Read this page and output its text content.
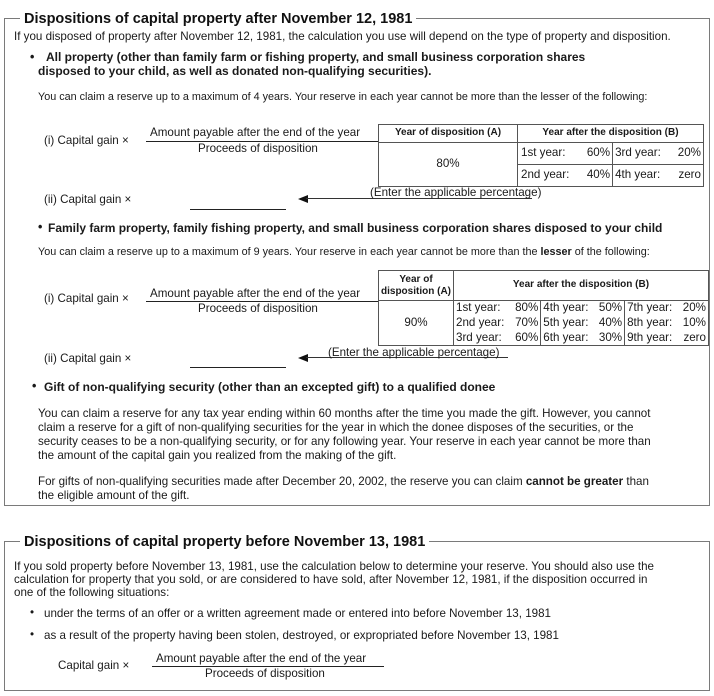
Dispositions of capital property after November 12, 1981
If you disposed of property after November 12, 1981, the calculation you use will depend on the type of property and disposition.
• All property (other than family farm or fishing property, and small business corporation shares
disposed to your child, as well as donated non-qualifying securities).
You can claim a reserve up to a maximum of 4 years. Your reserve in each year cannot be more than the lesser of the following:
(i) Capital gain ×
Amount payable after the end of the year
Proceeds of disposition
Year of disposition (A)	Year after the disposition (B)			
80%	1st year:	60%	3rd year:	20%
	2nd year:	40%	4th year:	zero
(ii) Capital gain ×
(Enter the applicable percentage)
• Family farm property, family fishing property, and small business corporation shares disposed to your child
You can claim a reserve up to a maximum of 9 years. Your reserve in each year cannot be more than the lesser of the following:
(i) Capital gain × Amount payable after the end of the year
Proceeds of disposition
Year of
disposition (A)	Year after the disposition (B)					
90%	1st year:	80%	4th year:	50%	7th year:	20%
	2nd year:	70%	5th year:	40%	8th year:	10%
	3rd year:	60%	6th year:	30%	9th year:	zero
(ii) Capital gain ×	(Enter the applicable percentage)
• Gift of non-qualifying security (other than an excepted gift) to a qualified donee
You can claim a reserve for any tax year ending within 60 months after the time you made the gift. However, you cannot
claim a reserve for a gift of non-qualifying securities for the year in which the donee disposes of the securities, or the
security ceases to be a non-qualifying security, or for any following year. Your reserve in each year cannot be more than
the amount of the capital gain you realized from the making of the gift.
For gifts of non-qualifying securities made after December 20, 2002, the reserve you can claim cannot be greater than
the eligible amount of the gift.
Dispositions of capital property before November 13, 1981
If you sold property before November 13, 1981, use the calculation below to determine your reserve. You should also use the
calculation for property that you sold, or are considered to have sold, after November 12, 1981, if the disposition occurred in
one of the following situations:
• under the terms of an offer or a written agreement made or entered into before November 13, 1981
• as a result of the property having been stolen, destroyed, or expropriated before November 13, 1981
Capital gain ×
Amount payable after the end of the year
Proceeds of disposition
